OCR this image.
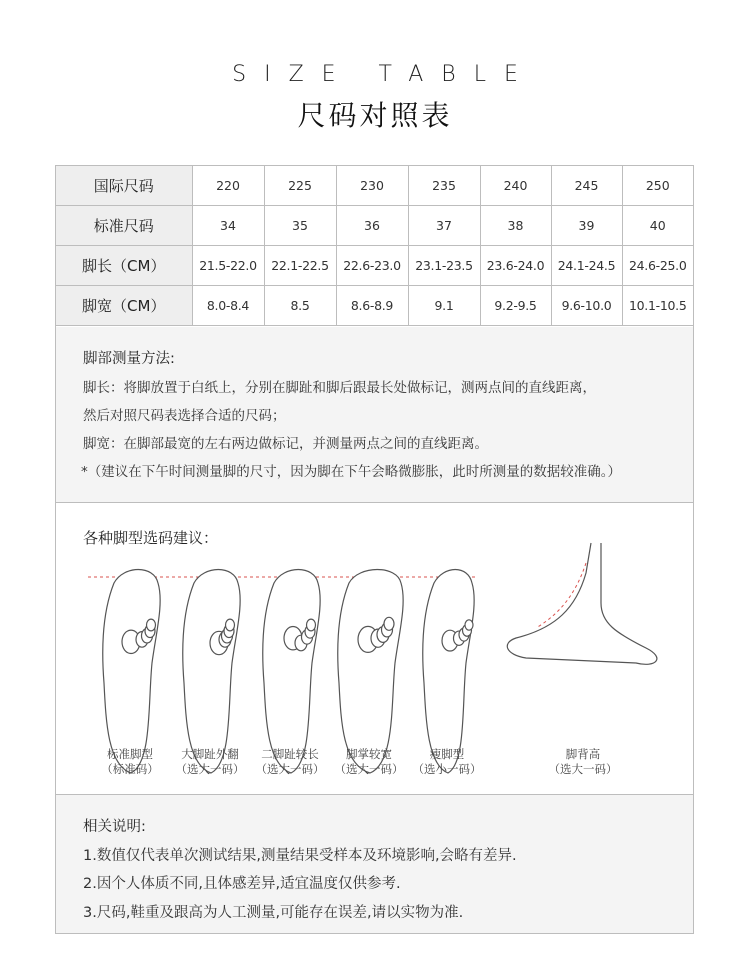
SIZE TABLE
尺码对照表
国际尺码	220	225	230	235	240	245	250
标准尺码	34	35	36	37	38	39	40
脚长（CM）	21.5-22.0	22.1-22.5	22.6-23.0	23.1-23.5	23.6-24.0	24.1-24.5	24.6-25.0
脚宽（CM）	8.0-8.4	8.5	8.6-8.9	9.1	9.2-9.5	9.6-10.0	10.1-10.5
脚部测量方法:
脚长：将脚放置于白纸上，分别在脚趾和脚后跟最长处做标记，测两点间的直线距离，
然后对照尺码表选择合适的尺码；
脚宽：在脚部最宽的左右两边做标记，并测量两点之间的直线距离。
*（建议在下午时间测量脚的尺寸，因为脚在下午会略微膨胀，此时所测量的数据较准确。）
各种脚型选码建议：
标准脚型
（标准码）
大脚趾外翻
（选大一码）
二脚趾较长
（选大一码）
脚掌较宽
（选大一码）
瘦脚型
（选小一码）
脚背高
（选大一码）
相关说明:
1.数值仅代表单次测试结果,测量结果受样本及环境影响,会略有差异.
2.因个人体质不同,且体感差异,适宜温度仅供参考.
3.尺码,鞋重及跟高为人工测量,可能存在误差,请以实物为准.
